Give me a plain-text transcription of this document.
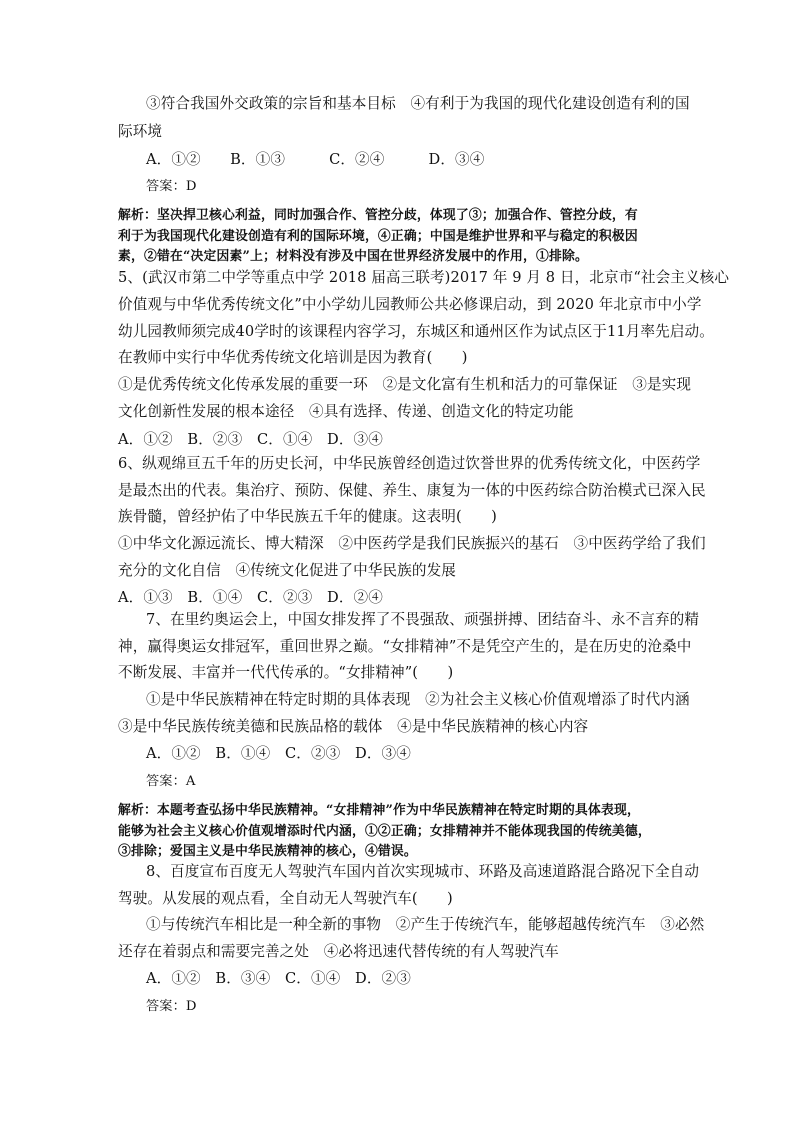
③符合我国外交政策的宗旨和基本目标　④有利于为我国的现代化建设创造有利的国
际环境
A．①②　　B．①③　　　C．②④　　　D．③④
答案：D
解析：坚决捍卫核心利益，同时加强合作、管控分歧，体现了③；加强合作、管控分歧，有
利于为我国现代化建设创造有利的国际环境，④正确；中国是维护世界和平与稳定的积极因
素，②错在“决定因素”上；材料没有涉及中国在世界经济发展中的作用，①排除。
5、(武汉市第二中学等重点中学 2018 届高三联考)2017 年 9 月 8 日，北京市“社会主义核心
价值观与中华优秀传统文化”中小学幼儿园教师公共必修课启动，到 2020 年北京市中小学
幼儿园教师须完成40学时的该课程内容学习，东城区和通州区作为试点区于11月率先启动。
在教师中实行中华优秀传统文化培训是因为教育(　　)
①是优秀传统文化传承发展的重要一环　②是文化富有生机和活力的可靠保证　③是实现
文化创新性发展的根本途径　④具有选择、传递、创造文化的特定功能
A．①②　B．②③　C．①④　D．③④
6、纵观绵亘五千年的历史长河，中华民族曾经创造过饮誉世界的优秀传统文化，中医药学
是最杰出的代表。集治疗、预防、保健、养生、康复为一体的中医药综合防治模式已深入民
族骨髓，曾经护佑了中华民族五千年的健康。这表明(　　)
①中华文化源远流长、博大精深　②中医药学是我们民族振兴的基石　③中医药学给了我们
充分的文化自信　④传统文化促进了中华民族的发展
A．①③　B．①④　C．②③　D．②④
7、在里约奥运会上，中国女排发挥了不畏强敌、顽强拼搏、团结奋斗、永不言弃的精
神，赢得奥运女排冠军，重回世界之巅。“女排精神”不是凭空产生的，是在历史的沧桑中
不断发展、丰富并一代代传承的。“女排精神”(　　)
①是中华民族精神在特定时期的具体表现　②为社会主义核心价值观增添了时代内涵
③是中华民族传统美德和民族品格的载体　④是中华民族精神的核心内容
A．①②　B．①④　C．②③　D．③④
答案：A
解析：本题考查弘扬中华民族精神。“女排精神”作为中华民族精神在特定时期的具体表现，
能够为社会主义核心价值观增添时代内涵，①②正确；女排精神并不能体现我国的传统美德，
③排除；爱国主义是中华民族精神的核心，④错误。
8、百度宣布百度无人驾驶汽车国内首次实现城市、环路及高速道路混合路况下全自动
驾驶。从发展的观点看，全自动无人驾驶汽车(　　)
①与传统汽车相比是一种全新的事物　②产生于传统汽车，能够超越传统汽车　③必然
还存在着弱点和需要完善之处　④必将迅速代替传统的有人驾驶汽车
A．①②　B．③④　C．①④　D．②③
答案：D
